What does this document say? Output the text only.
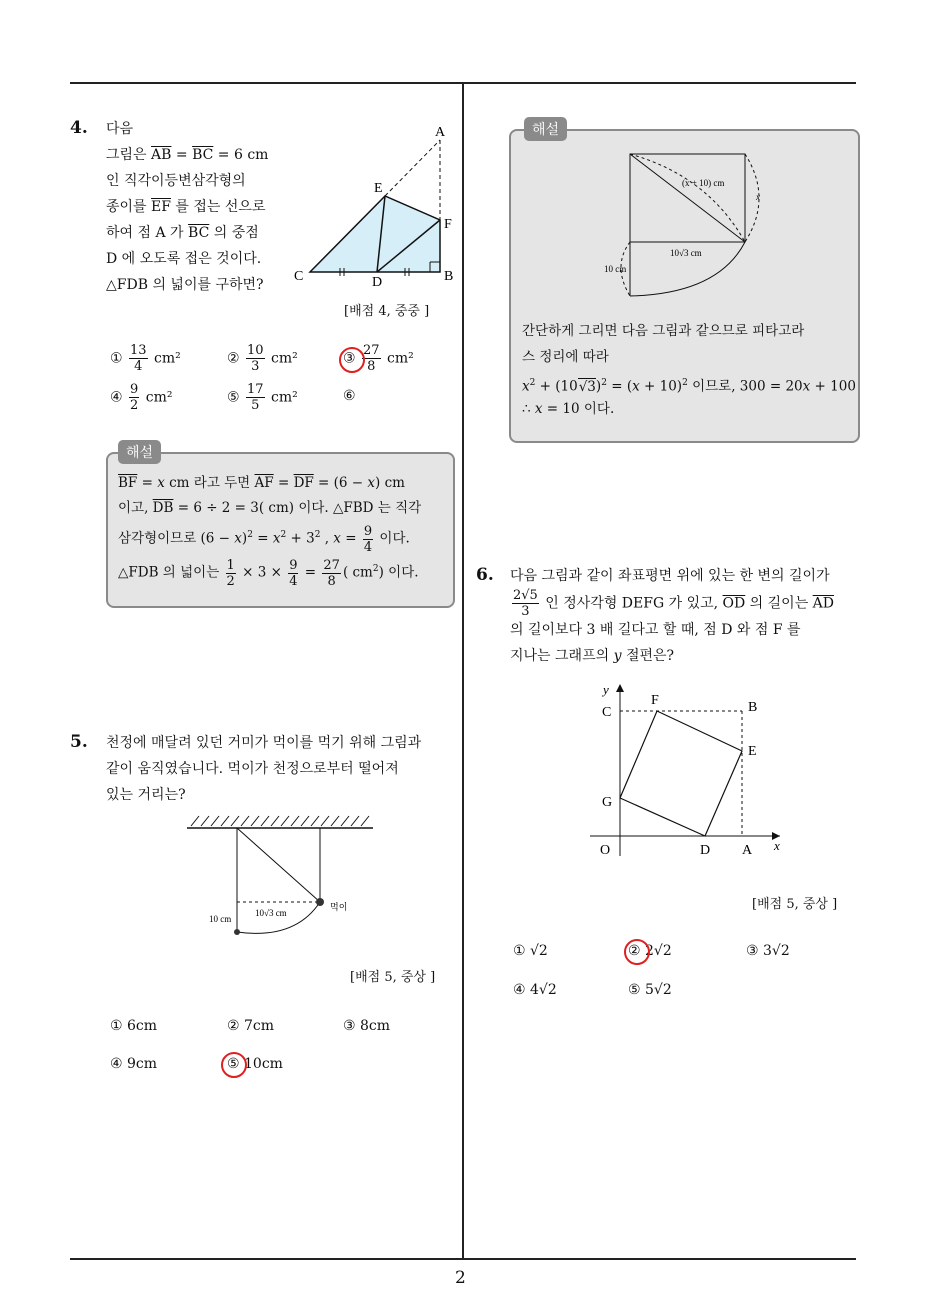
2
4. 다음
그림은 $\overline{AB} = \overline{BC} = 6$ cm
인 직각이등변삼각형의
종이를 $\overline{EF}$ 를 접는 선으로
하여 점 A 가 $\overline{BC}$ 의 중점
D 에 오도록 접은 것이다.
△FDB 의 넓이를 구하면?
A
E
F
C	D	B
[배점 4, 중중 ]
① $\frac{13}{4} cm^2$	② $\frac{10}{3} cm^2$	③ $\frac{27}{8} cm^2$
④ $\frac{9}{2} cm^2$	⑤ $\frac{17}{5} cm^2$	⑥
해설
$\overline{BF} = x$ cm 라고 두면 $\overline{AF} = \overline{DF} = (6 - x)$ cm
이고, $\overline{DB} = 6 \div 2 = 3$( cm) 이다. △FBD 는 직각
삼각형이므로 $(6 - x)^2 = x^2 + 3^2$ , $x = \frac{9}{4}$ 이다.
△FDB 의 넓이는 $\frac{1}{2} \times 3 \times \frac{9}{4} = \frac{27}{8}$ ( $cm^2$) 이다.
5. 천정에 매달려 있던 거미가 먹이를 먹기 위해 그림과
같이 움직였습니다. 먹이가 천정으로부터 떨어져
있는 거리는?
10 cm
10√3 cm	먹이
[배점 5, 중상 ]
① 6cm	② 7cm	③ 8cm
④ 9cm	⑤ 10cm
해설
(x + 10) cm
x
10√3 cm
10 cm
간단하게 그리면 다음 그림과 같으므로 피타고라
스 정리에 따라
$x^2 + (10√3)^2 = (x + 10)^2$ 이므로, 300 = 20x + 100
∴ x = 10 이다.
6. 다음 그림과 같이 좌표평면 위에 있는 한 변의 길이가
$\frac{2√5}{3}$ 인 정사각형 DEFG 가 있고, $\overline{OD}$ 의 길이는 $\overline{AD}$
의 길이보다 3 배 길다고 할 때, 점 D 와 점 F 를
지나는 그래프의 y 절편은?
y
C
F	B
E
G
O	D A x
[배점 5, 중상 ]
① √2	② 2√2	③ 3√2
④ 4√2	⑤ 5√2
